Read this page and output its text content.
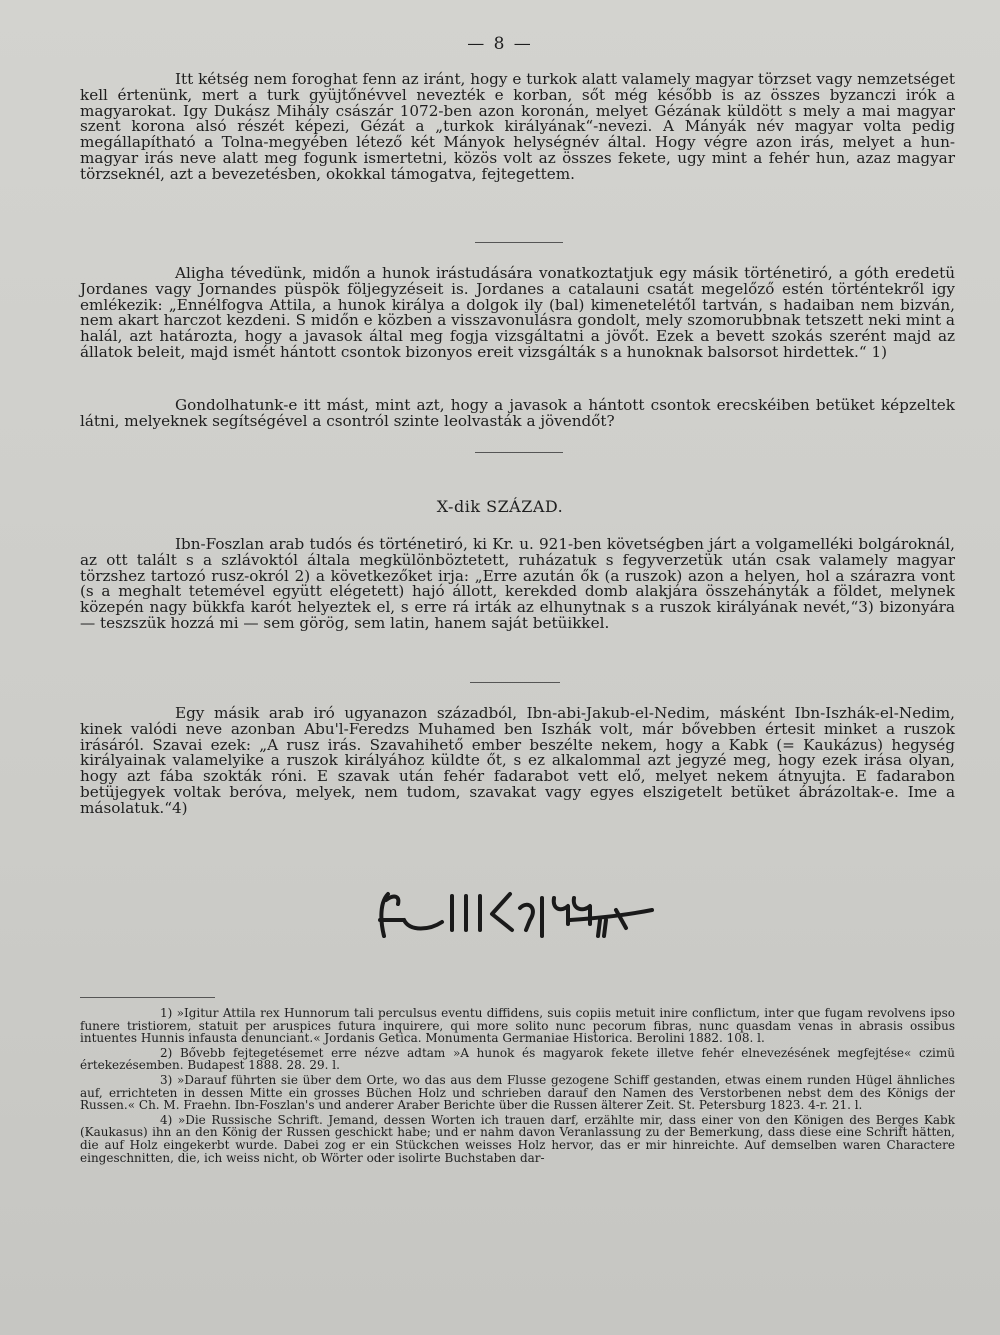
— 8 —

Itt kétség nem foroghat fenn az iránt, hogy e turkok alatt valamely magyar törzset vagy nemzetséget kell értenünk, mert a turk gyüjtőnévvel nevezték e korban, sőt még később is az összes byzanczi irók a magyarokat. Igy Dukász Mihály császár 1072-ben azon koronán, melyet Gézának küldött s mely a mai magyar szent korona alsó részét képezi, Gézát a „turkok királyának“-nevezi. A Mányák név magyar volta pedig megállapítható a Tolna-megyében létező két Mányok helységnév által. Hogy végre azon irás, melyet a hun-magyar irás neve alatt meg fogunk ismertetni, közös volt az összes fekete, ugy mint a fehér hun, azaz magyar törzseknél, azt a bevezetésben, okokkal támogatva, fejtegettem.

Aligha tévedünk, midőn a hunok irástudására vonatkoztatjuk egy másik történetiró, a góth eredetü Jordanes vagy Jornandes püspök följegyzéseit is. Jordanes a catalauni csatát megelőző estén történtekről igy emlékezik: „Ennélfogva Attila, a hunok királya a dolgok ily (bal) kimenetelétől tartván, s hadaiban nem bizván, nem akart harczot kezdeni. S midőn e közben a visszavonulásra gondolt, mely szomorubbnak tetszett neki mint a halál, azt határozta, hogy a javasok által meg fogja vizsgáltatni a jövőt. Ezek a bevett szokás szerént majd az állatok beleit, majd ismét hántott csontok bizonyos ereit vizsgálták s a hunoknak balsorsot hirdettek.“ 1)

Gondolhatunk-e itt mást, mint azt, hogy a javasok a hántott csontok erecskéiben betüket képzeltek látni, melyeknek segítségével a csontról szinte leolvasták a jövendőt?

X-dik SZÁZAD.

Ibn-Foszlan arab tudós és történetiró, ki Kr. u. 921-ben követségben járt a volgamelléki bolgároknál, az ott talált s a szlávoktól általa megkülönböztetett, ruházatuk s fegyverzetük után csak valamely magyar törzshez tartozó rusz-okról 2) a következőket irja: „Erre azután ők (a ruszok) azon a helyen, hol a szárazra vont (s a meghalt tetemével együtt elégetett) hajó állott, kerekded domb alakjára összehányták a földet, melynek közepén nagy bükkfa karót helyeztek el, s erre rá irták az elhunytnak s a ruszok királyának nevét,“3) bizonyára — teszszük hozzá mi — sem görög, sem latin, hanem saját betüikkel.

Egy másik arab iró ugyanazon századból, Ibn-abi-Jakub-el-Nedim, másként Ibn-Iszhák-el-Nedim, kinek valódi neve azonban Abu'l-Feredzs Muhamed ben Iszhák volt, már bővebben értesit minket a ruszok irásáról. Szavai ezek: „A rusz irás. Szavahihető ember beszélte nekem, hogy a Kabk (= Kaukázus) hegység királyainak valamelyike a ruszok királyához küldte őt, s ez alkalommal azt jegyzé meg, hogy ezek irása olyan, hogy azt fába szokták róni. E szavak után fehér fadarabot vett elő, melyet nekem átnyujta. E fadarabon betüjegyek voltak beróva, melyek, nem tudom, szavakat vagy egyes elszigetelt betüket ábrázoltak-e. Ime a másolatuk.“4)

1) »Igitur Attila rex Hunnorum tali perculsus eventu diffidens, suis copiis metuit inire conflictum, inter que fugam revolvens ipso funere tristiorem, statuit per aruspices futura inquirere, qui more solito nunc pecorum fibras, nunc quasdam venas in abrasis ossibus intuentes Hunnis infausta denunciant.« Jordanis Getica. Monumenta Germaniae Historica. Berolini 1882. 108. l.

2) Bővebb fejtegetésemet erre nézve adtam »A hunok és magyarok fekete illetve fehér elnevezésének megfejtése« czimü értekezésemben. Budapest 1888. 28. 29. l.

3) »Darauf führten sie über dem Orte, wo das aus dem Flusse gezogene Schiff gestanden, etwas einem runden Hügel ähnliches auf, errichteten in dessen Mitte ein grosses Büchen Holz und schrieben darauf den Namen des Verstorbenen nebst dem des Königs der Russen.« Ch. M. Fraehn. Ibn-Foszlan's und anderer Araber Berichte über die Russen älterer Zeit. St. Petersburg 1823. 4-r. 21. l.

4) »Die Russische Schrift. Jemand, dessen Worten ich trauen darf, erzählte mir, dass einer von den Königen des Berges Kabk (Kaukasus) ihn an den König der Russen geschickt habe; und er nahm davon Veranlassung zu der Bemerkung, dass diese eine Schrift hätten, die auf Holz eingekerbt wurde. Dabei zog er ein Stückchen weisses Holz hervor, das er mir hinreichte. Auf demselben waren Charactere eingeschnitten, die, ich weiss nicht, ob Wörter oder isolirte Buchstaben dar-
